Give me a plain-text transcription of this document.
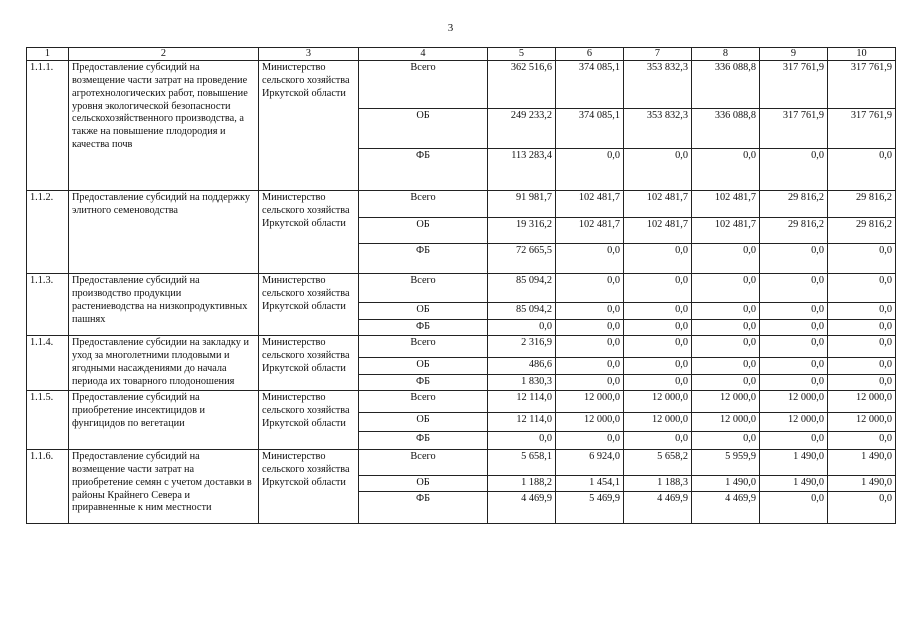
3
1	2	3	4	5	6	7	8	9	10
1.1.1.	Предоставление субсидий на возмещение части затрат на проведение агротехнологических работ, повышение уровня экологической безопасности сельскохозяйственного производства, а также на повышение плодородия и качества почв	Министерство сельского хозяйства Иркутской области	Всего	362 516,6	374 085,1	353 832,3	336 088,8	317 761,9	317 761,9
			ОБ	249 233,2	374 085,1	353 832,3	336 088,8	317 761,9	317 761,9
			ФБ	113 283,4	0,0	0,0	0,0	0,0	0,0
1.1.2.	Предоставление субсидий на поддержку элитного семеноводства	Министерство сельского хозяйства Иркутской области	Всего	91 981,7	102 481,7	102 481,7	102 481,7	29 816,2	29 816,2
			ОБ	19 316,2	102 481,7	102 481,7	102 481,7	29 816,2	29 816,2
			ФБ	72 665,5	0,0	0,0	0,0	0,0	0,0
1.1.3.	Предоставление субсидий на производство продукции растениеводства на низкопродуктивных пашнях	Министерство сельского хозяйства Иркутской области	Всего	85 094,2	0,0	0,0	0,0	0,0	0,0
			ОБ	85 094,2	0,0	0,0	0,0	0,0	0,0
			ФБ	0,0	0,0	0,0	0,0	0,0	0,0
1.1.4.	Предоставление субсидии на закладку и уход за многолетними плодовыми и ягодными насаждениями до начала периода их товарного плодоношения	Министерство сельского хозяйства Иркутской области	Всего	2 316,9	0,0	0,0	0,0	0,0	0,0
			ОБ	486,6	0,0	0,0	0,0	0,0	0,0
			ФБ	1 830,3	0,0	0,0	0,0	0,0	0,0
1.1.5.	Предоставление субсидий на приобретение инсектицидов и фунгицидов по вегетации	Министерство сельского хозяйства Иркутской области	Всего	12 114,0	12 000,0	12 000,0	12 000,0	12 000,0	12 000,0
			ОБ	12 114,0	12 000,0	12 000,0	12 000,0	12 000,0	12 000,0
			ФБ	0,0	0,0	0,0	0,0	0,0	0,0
1.1.6.	Предоставление субсидий на возмещение части затрат на приобретение семян с учетом доставки в районы Крайнего Севера и приравненные к ним местности	Министерство сельского хозяйства Иркутской области	Всего	5 658,1	6 924,0	5 658,2	5 959,9	1 490,0	1 490,0
			ОБ	1 188,2	1 454,1	1 188,3	1 490,0	1 490,0	1 490,0
			ФБ	4 469,9	5 469,9	4 469,9	4 469,9	0,0	0,0
